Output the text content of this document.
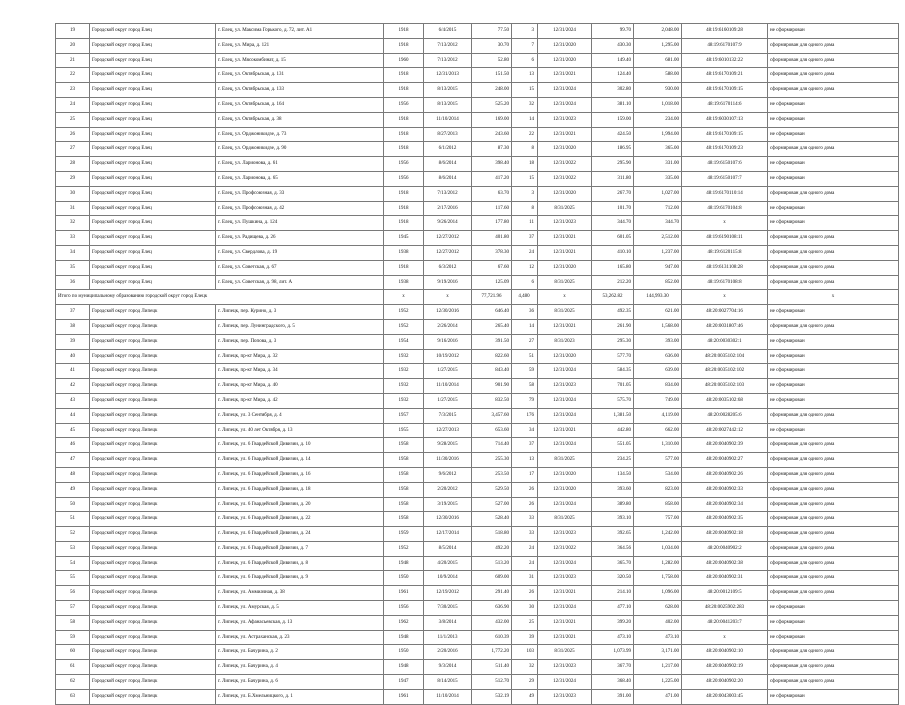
19	Городской округ город Елец	г. Елец, ул. Максима Горького, д. 72, лит. А1	1918	6/4/2015	77.50	3	12/31/2024	99.70	2,048.00	48:19:6160109:28	не сформирован
20	Городской округ город Елец	г. Елец, ул. Мира, д. 121	1918	7/13/2012	30.70	7	12/31/2020	430.30	1,295.00	48:19:6170107:9	сформирован для одного дома
21	Городской округ город Елец	г. Елец, ул. Мясокомбинат, д. 15	1960	7/13/2012	52.80	6	12/31/2020	149.40	681.00	48:19:6010132:22	сформирован для одного дома
22	Городской округ город Елец	г. Елец, ул. Октябрьская, д. 131	1918	12/31/2013	151.50	13	12/31/2021	124.40	588.00	48:19:6170109:21	сформирован для одного дома
23	Городской округ город Елец	г. Елец, ул. Октябрьская, д. 133	1918	8/13/2015	248.00	15	12/31/2024	302.80	930.00	48:19:6170109:15	сформирован для одного дома
24	Городской округ город Елец	г. Елец, ул. Октябрьская, д. 164	1956	8/13/2015	525.20	32	12/31/2024	381.10	1,018.00	48:19:6170114:6	не сформирован
25	Городской округ город Елец	г. Елец, ул. Октябрьская, д. 38	1918	11/10/2014	169.00	14	12/31/2023	159.00	234.00	48:19:6030107:13	не сформирован
26	Городской округ город Елец	г. Елец, ул. Орджоникидзе, д. 73	1918	8/27/2013	243.60	22	12/31/2021	424.50	1,994.00	48:19:6170109:15	не сформирован
27	Городской округ город Елец	г. Елец, ул. Орджоникидзе, д. 90	1918	6/1/2012	87.30	8	12/31/2020	186.95	365.00	48:19:6170109:23	сформирован для одного дома
28	Городской округ город Елец	г. Елец, ул. Ларионова, д. 61	1956	8/6/2014	398.40	18	12/31/2022	295.90	331.00	48:19:6150107:6	не сформирован
29	Городской округ город Елец	г. Елец, ул. Ларионова, д. 65	1956	8/6/2014	417.20	15	12/31/2022	311.80	335.00	48:19:6150107:7	не сформирован
30	Городской округ город Елец	г. Елец, ул. Профсоюзная, д. 33	1918	7/13/2012	63.70	3	12/31/2020	267.70	1,027.00	48:19:6170110:14	сформирован для одного дома
31	Городской округ город Елец	г. Елец, ул. Профсоюзная, д. 42	1918	2/17/2016	117.60	8	8/31/2025	101.70	712.00	48:19:6170104:8	не сформирован
32	Городской округ город Елец	г. Елец, ул. Пушкина, д. 124	1918	9/26/2014	177.80	11	12/31/2023	344.70	344.70	x	не сформирован
33	Городской округ город Елец	г. Елец, ул. Радищева, д. 26	1945	12/27/2012	401.80	37	12/31/2021	601.05	2,512.00	48:19:6190108:11	сформирован для одного дома
34	Городской округ город Елец	г. Елец, ул. Свердлова, д. 19	1938	12/27/2012	378.30	24	12/31/2021	410.10	1,237.00	48:19:6120115:8	сформирован для одного дома
35	Городской округ город Елец	г. Елец, ул. Советская, д. 67	1918	6/3/2012	67.60	12	12/31/2020	165.80	947.00	48:19:6131108:28	сформирован для одного дома
36	Городской округ город Елец	г. Елец, ул. Советская, д. 98, лит. А	1938	9/19/2016	125.09	6	8/31/2025	212.20	852.00	48:19:6170108:8	сформирован для одного дома
Итого по муниципальному образованию городской округ город Елецк			x	x	77,721.96	4,480	x	53,262.82	144,993.30	x	x
37	Городской округ город Липецк	г. Липецк, пер. Курино, д. 3	1952	12/30/2016	646.40	36	8/31/2025	492.35	621.00	48:20:0027704:16	не сформирован
38	Городской округ город Липецк	г. Липецк, пер. Лунинградского, д. 5	1952	2/26/2014	265.40	14	12/31/2021	261.90	1,568.00	48:20:0031807:46	сформирован для одного дома
39	Городской округ город Липецк	г. Липецк, пер. Попова, д. 3	1954	9/16/2016	391.50	27	8/31/2023	295.30	393.00	48:20:0030302:1	не сформирован
40	Городской округ город Липецк	г. Липецк, пр-кт Мира, д. 32	1932	10/19/2012	822.60	51	12/31/2020	577.70	636.00	48:20:0035102:104	не сформирован
41	Городской округ город Липецк	г. Липецк, пр-кт Мира, д. 34	1932	1/27/2015	843.40	59	12/31/2024	584.35	639.00	48:20:0035102:102	не сформирован
42	Городской округ город Липецк	г. Липецк, пр-кт Мира, д. 40	1932	11/10/2014	901.90	58	12/31/2023	701.05	834.00	48:20:0035102:103	не сформирован
43	Городской округ город Липецк	г. Липецк, пр-кт Мира, д. 42	1932	1/27/2015	832.50	79	12/31/2024	575.70	749.00	48:20:0035102:68	не сформирован
44	Городской округ город Липецк	г. Липецк, ул. 3 Сентября, д. 4	1957	7/3/2015	3,457.60	176	12/31/2024	1,381.50	4,119.00	48:20:0028205:6	сформирован для одного дома
45	Городской округ город Липецк	г. Липецк, ул. 40 лет Октября, д. 13	1955	12/27/2013	653.60	34	12/31/2021	442.80	662.00	48:20:0027442:12	не сформирован
46	Городской округ город Липецк	г. Липецк, ул. 6 Гвардейской Дивизии, д. 10	1958	9/28/2015	714.40	37	12/31/2024	551.05	1,310.00	48:20:0040902:39	сформирован для одного дома
47	Городской округ город Липецк	г. Липецк, ул. 6 Гвардейской Дивизии, д. 14	1958	11/30/2016	255.30	13	8/31/2025	234.25	577.00	48:20:0040902:27	сформирован для одного дома
48	Городской округ город Липецк	г. Липецк, ул. 6 Гвардейской Дивизии, д. 16	1958	9/6/2012	253.50	17	12/31/2020	134.50	534.00	48:20:0040902:26	сформирован для одного дома
49	Городской округ город Липецк	г. Липецк, ул. 6 Гвардейской Дивизии, д. 18	1958	2/20/2012	529.50	26	12/31/2020	393.60	823.00	48:20:0040902:33	сформирован для одного дома
50	Городской округ город Липецк	г. Липецк, ул. 6 Гвардейской Дивизии, д. 20	1958	3/19/2015	527.00	26	12/31/2024	389.80	858.00	48:20:0040902:34	сформирован для одного дома
51	Городской округ город Липецк	г. Липецк, ул. 6 Гвардейской Дивизии, д. 22	1958	12/30/2016	528.40	33	8/31/2025	393.10	757.00	48:20:0040902:35	сформирован для одного дома
52	Городской округ город Липецк	г. Липецк, ул. 6 Гвардейской Дивизии, д. 24	1959	12/17/2014	518.80	33	12/31/2023	392.65	1,242.00	48:20:0040902:18	сформирован для одного дома
53	Городской округ город Липецк	г. Липецк, ул. 6 Гвардейской Дивизии, д. 7	1952	8/5/2014	492.20	24	12/31/2022	364.56	1,034.00	48:20:0040902:2	сформирован для одного дома
54	Городской округ город Липецк	г. Липецк, ул. 6 Гвардейской Дивизии, д. 8	1948	4/20/2015	513.20	24	12/31/2024	365.70	1,282.00	48:20:0040902:38	сформирован для одного дома
55	Городской округ город Липецк	г. Липецк, ул. 6 Гвардейской Дивизии, д. 9	1950	10/9/2014	609.00	31	12/31/2023	320.50	1,758.00	48:20:0040902:31	сформирован для одного дома
56	Городской округ город Липецк	г. Липецк, ул. Аммиачная, д. 38	1961	12/19/2012	291.40	26	12/31/2021	214.10	1,096.00	48:20:0012109:5	сформирован для одного дома
57	Городской округ город Липецк	г. Липецк, ул. Амурская, д. 5	1956	7/30/2015	636.90	30	12/31/2024	477.10	628.00	48:20:0025902:283	не сформирован
58	Городской округ город Липецк	г. Липецк, ул. Афанасьевская, д. 13	1962	3/8/2014	432.00	25	12/31/2021	399.20	402.00	48:20:0041203:7	не сформирован
59	Городской округ город Липецк	г. Липецк, ул. Астраханская, д. 23	1948	11/1/2013	610.39	39	12/31/2021	473.10	473.10	x	не сформирован
60	Городской округ город Липецк	г. Липецк, ул. Бачурина, д. 2	1950	2/20/2016	1,772.20	103	8/31/2025	1,073.99	3,171.00	48:20:0040902:10	сформирован для одного дома
61	Городской округ город Липецк	г. Липецк, ул. Бачурина, д. 4	1948	9/3/2014	511.40	32	12/31/2023	367.70	1,217.00	48:20:0040902:19	сформирован для одного дома
62	Городской округ город Липецк	г. Липецк, ул. Бачурина, д. 6	1947	8/14/2015	512.70	29	12/31/2024	368.40	1,225.00	48:20:0040902:20	сформирован для одного дома
63	Городской округ город Липецк	г. Липецк, ул. Б.Хмельницкого, д. 1	1961	11/10/2014	532.19	49	12/31/2023	391.00	471.00	48:20:0043003:45	не сформирован
